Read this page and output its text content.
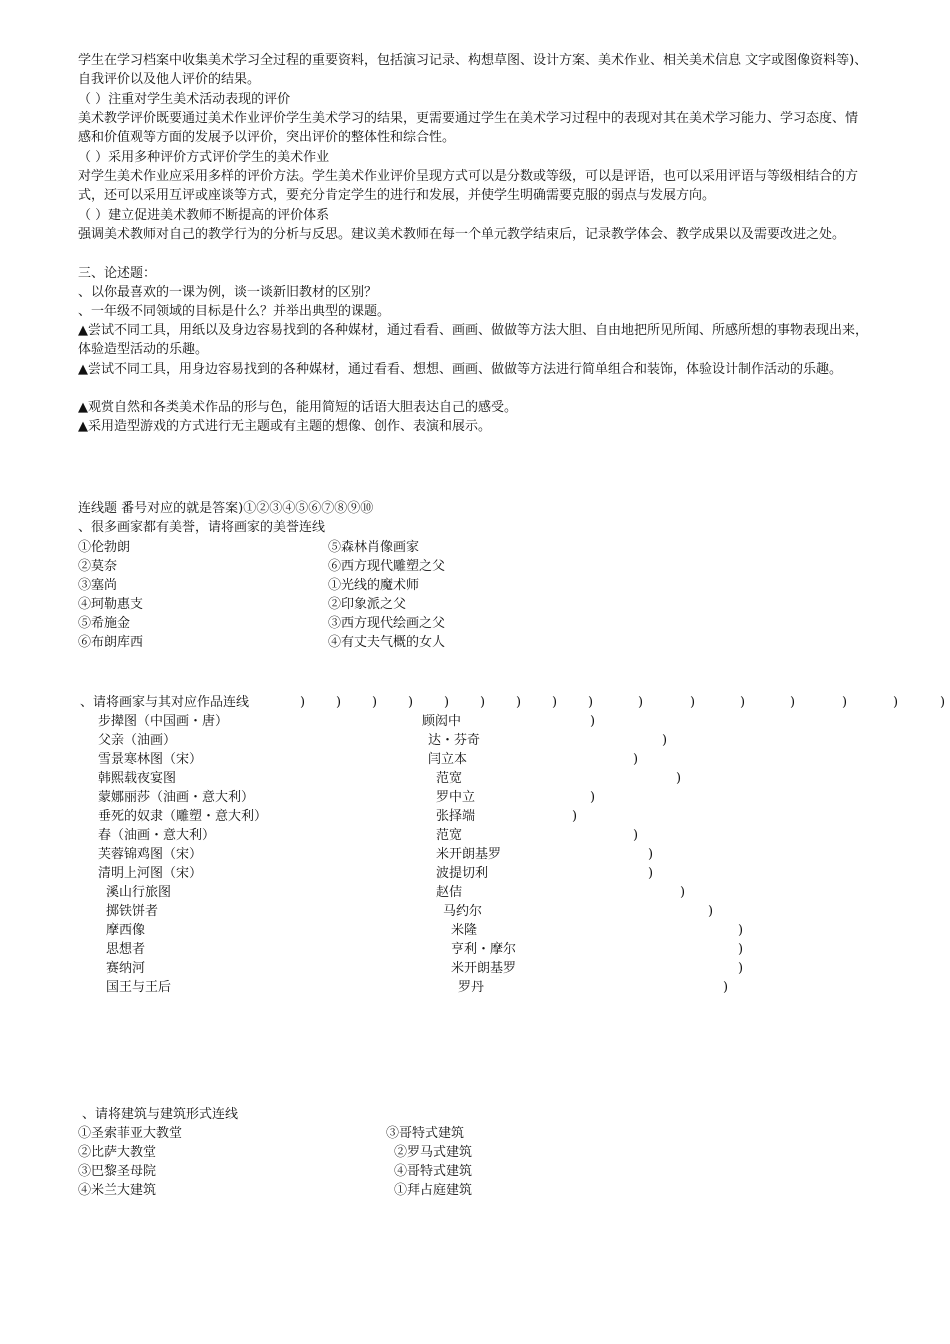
学生在学习档案中收集美术学习全过程的重要资料，包括演习记录、构想草图、设计方案、美术作业、相关美术信息 文字或图像资料等)、自我评价以及他人评价的结果。
（ ）注重对学生美术活动表现的评价
美术教学评价既要通过美术作业评价学生美术学习的结果，更需要通过学生在美术学习过程中的表现对其在美术学习能力、学习态度、情感和价值观等方面的发展予以评价，突出评价的整体性和综合性。
（ ）采用多种评价方式评价学生的美术作业
对学生美术作业应采用多样的评价方法。学生美术作业评价呈现方式可以是分数或等级，可以是评语，也可以采用评语与等级相结合的方式，还可以采用互评或座谈等方式，要充分肯定学生的进行和发展，并使学生明确需要克服的弱点与发展方向。
（ ）建立促进美术教师不断提高的评价体系
强调美术教师对自己的教学行为的分析与反思。建议美术教师在每一个单元教学结束后，记录教学体会、教学成果以及需要改进之处。
三、论述题：
、以你最喜欢的一课为例，谈一谈新旧教材的区别？
、一年级不同领域的目标是什么？并举出典型的课题。
▲尝试不同工具，用纸以及身边容易找到的各种媒材，通过看看、画画、做做等方法大胆、自由地把所见所闻、所感所想的事物表现出来，体验造型活动的乐趣。
▲尝试不同工具，用身边容易找到的各种媒材，通过看看、想想、画画、做做等方法进行简单组合和装饰，体验设计制作活动的乐趣。
▲观赏自然和各类美术作品的形与色，能用简短的话语大胆表达自己的感受。
▲采用造型游戏的方式进行无主题或有主题的想像、创作、表演和展示。
连线题 番号对应的就是答案)①②③④⑤⑥⑦⑧⑨⑩
、很多画家都有美誉，请将画家的美誉连线
①伦勃朗	⑤森林肖像画家
②莫奈	⑥西方现代雕塑之父
③塞尚	①光线的魔术师
④珂勒惠支	②印象派之父
⑤希施金	③西方现代绘画之父
⑥布朗库西	④有丈夫气概的女人
、请将画家与其对应作品连线	) ) ) ) ) ) ) ) )	)	)	)	)	)	)	)
步撵图（中国画・唐）	顾闳中	)
父亲（油画）	达・芬奇	)
雪景寒林图（宋）	闫立本	)
韩熙载夜宴图	范宽	)
蒙娜丽莎（油画・意大利）	罗中立	)
垂死的奴隶（雕塑・意大利）	张择端	)
春（油画・意大利）	范宽	)
芙蓉锦鸡图（宋）	米开朗基罗	)
清明上河图（宋）	波提切利	)
溪山行旅图	赵佶	)
掷铁饼者	马约尔	)
摩西像	米隆	)
思想者	亨利・摩尔	)
赛纳河	米开朗基罗	)
国王与王后	罗丹	)
、请将建筑与建筑形式连线
①圣索菲亚大教堂	③哥特式建筑
②比萨大教堂	②罗马式建筑
③巴黎圣母院	④哥特式建筑
④米兰大建筑	①拜占庭建筑
